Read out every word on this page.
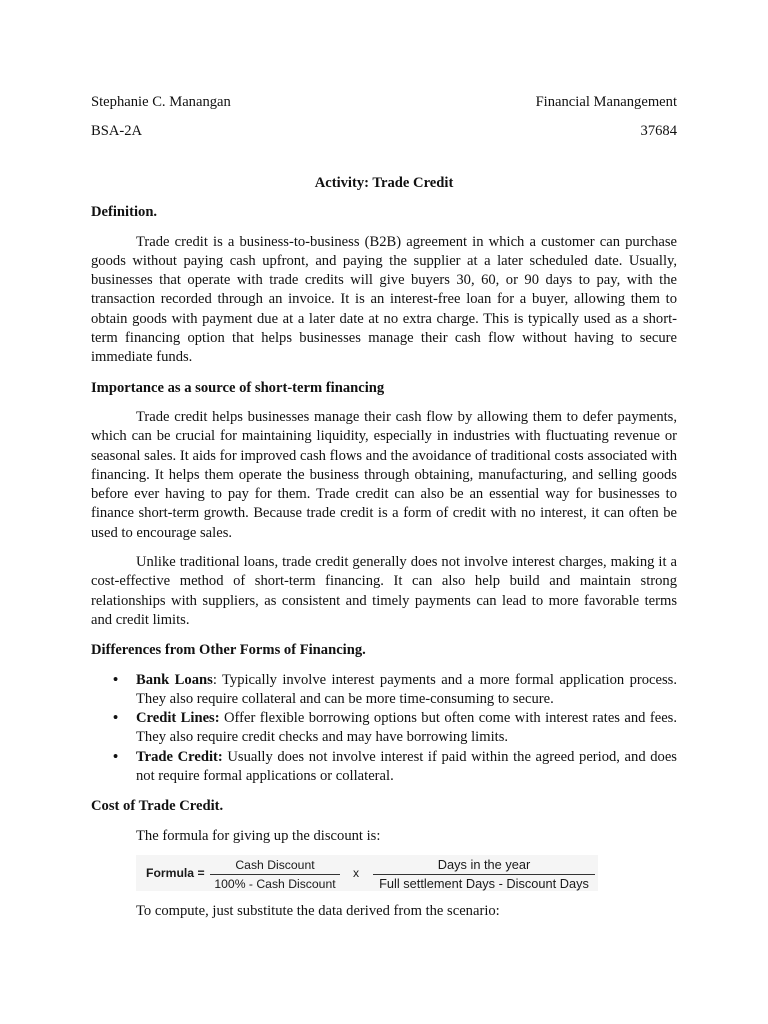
Stephanie C. Manangan	Financial Manangement
BSA-2A	37684
Activity: Trade Credit
Definition.

Trade credit is a business-to-business (B2B) agreement in which a customer can purchase goods without paying cash upfront, and paying the supplier at a later scheduled date. Usually, businesses that operate with trade credits will give buyers 30, 60, or 90 days to pay, with the transaction recorded through an invoice. It is an interest-free loan for a buyer, allowing them to obtain goods with payment due at a later date at no extra charge. This is typically used as a short-term financing option that helps businesses manage their cash flow without having to secure immediate funds.

Importance as a source of short-term financing

Trade credit helps businesses manage their cash flow by allowing them to defer payments, which can be crucial for maintaining liquidity, especially in industries with fluctuating revenue or seasonal sales. It aids for improved cash flows and the avoidance of traditional costs associated with financing. It helps them operate the business through obtaining, manufacturing, and selling goods before ever having to pay for them. Trade credit can also be an essential way for businesses to finance short-term growth. Because trade credit is a form of credit with no interest, it can often be used to encourage sales.

Unlike traditional loans, trade credit generally does not involve interest charges, making it a cost-effective method of short-term financing. It can also help build and maintain strong relationships with suppliers, as consistent and timely payments can lead to more favorable terms and credit limits.

Differences from Other Forms of Financing.
• Bank Loans: Typically involve interest payments and a more formal application process. They also require collateral and can be more time-consuming to secure.
• Credit Lines: Offer flexible borrowing options but often come with interest rates and fees. They also require credit checks and may have borrowing limits.
• Trade Credit: Usually does not involve interest if paid within the agreed period, and does not require formal applications or collateral.
Cost of Trade Credit.
The formula for giving up the discount is:
Formula =
Cash Discount
100% - Cash Discount
x
Days in the year
Full settlement Days - Discount Days
To compute, just substitute the data derived from the scenario:
